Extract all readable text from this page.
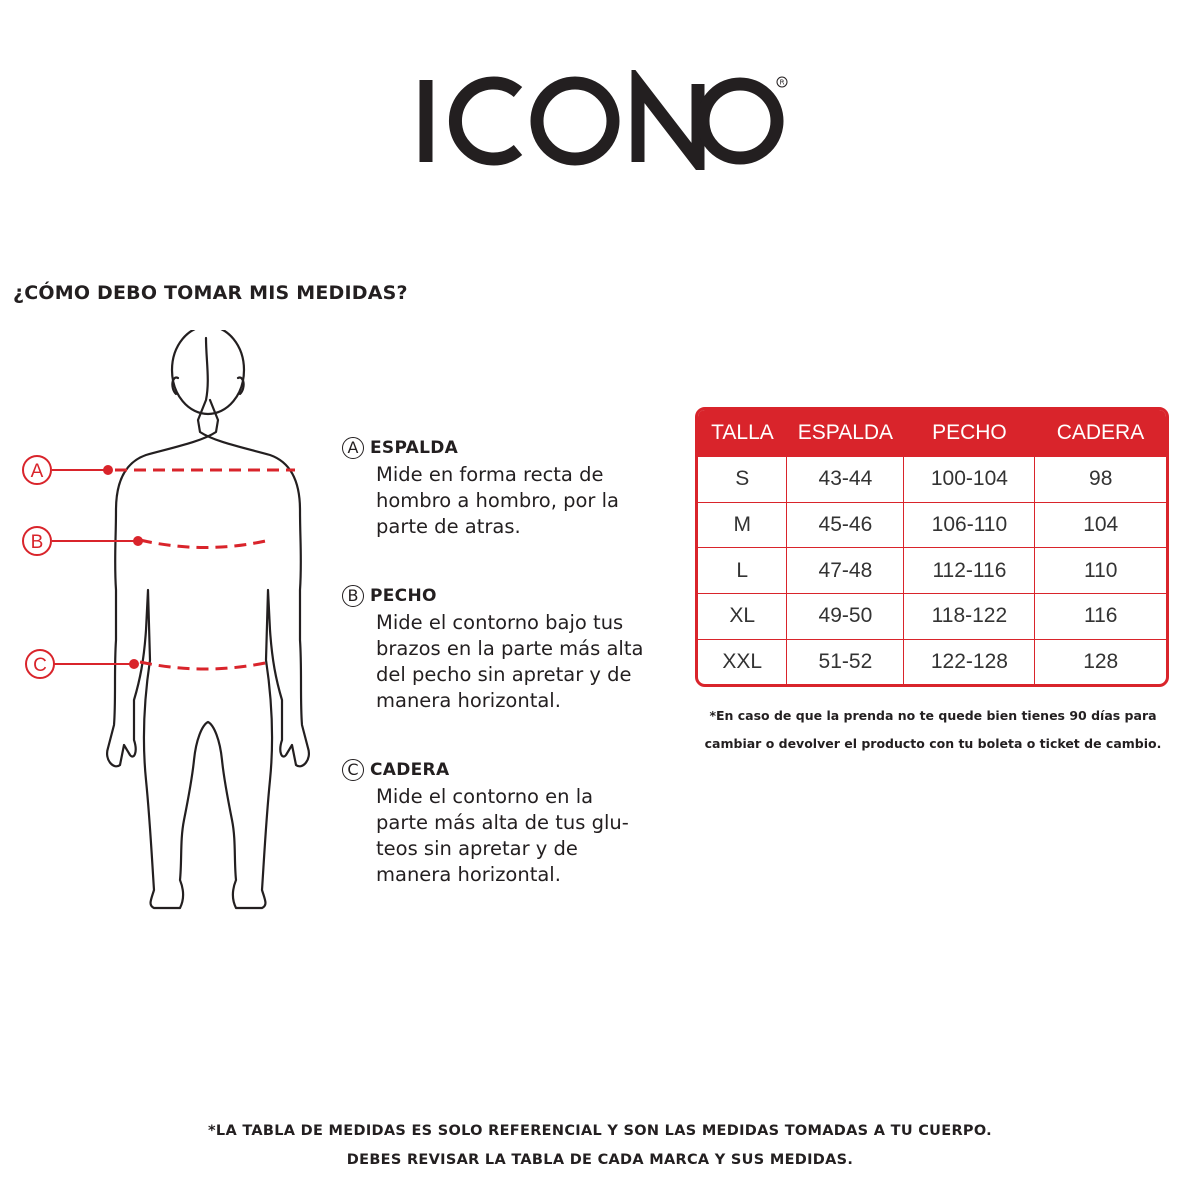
R
¿CÓMO DEBO TOMAR MIS MEDIDAS?
A
B
C
A ESPALDA

Mide en forma recta de
hombro a hombro, por la
parte de atras.

B PECHO

Mide el contorno bajo tus
brazos en la parte más alta
del pecho sin apretar y de
manera horizontal.

C CADERA

Mide el contorno en la
parte más alta de tus glu-
teos sin apretar y de
manera horizontal.

TALLA	ESPALDA	PECHO	CADERA
S	43-44	100-104	98
M	45-46	106-110	104
L	47-48	112-116	110
XL	49-50	118-122	116
XXL	51-52	122-128	128

*En caso de que la prenda no te quede bien tienes 90 días para
cambiar o devolver el producto con tu boleta o ticket de cambio.

*LA TABLA DE MEDIDAS ES SOLO REFERENCIAL Y SON LAS MEDIDAS TOMADAS A TU CUERPO.
DEBES REVISAR LA TABLA DE CADA MARCA Y SUS MEDIDAS.
